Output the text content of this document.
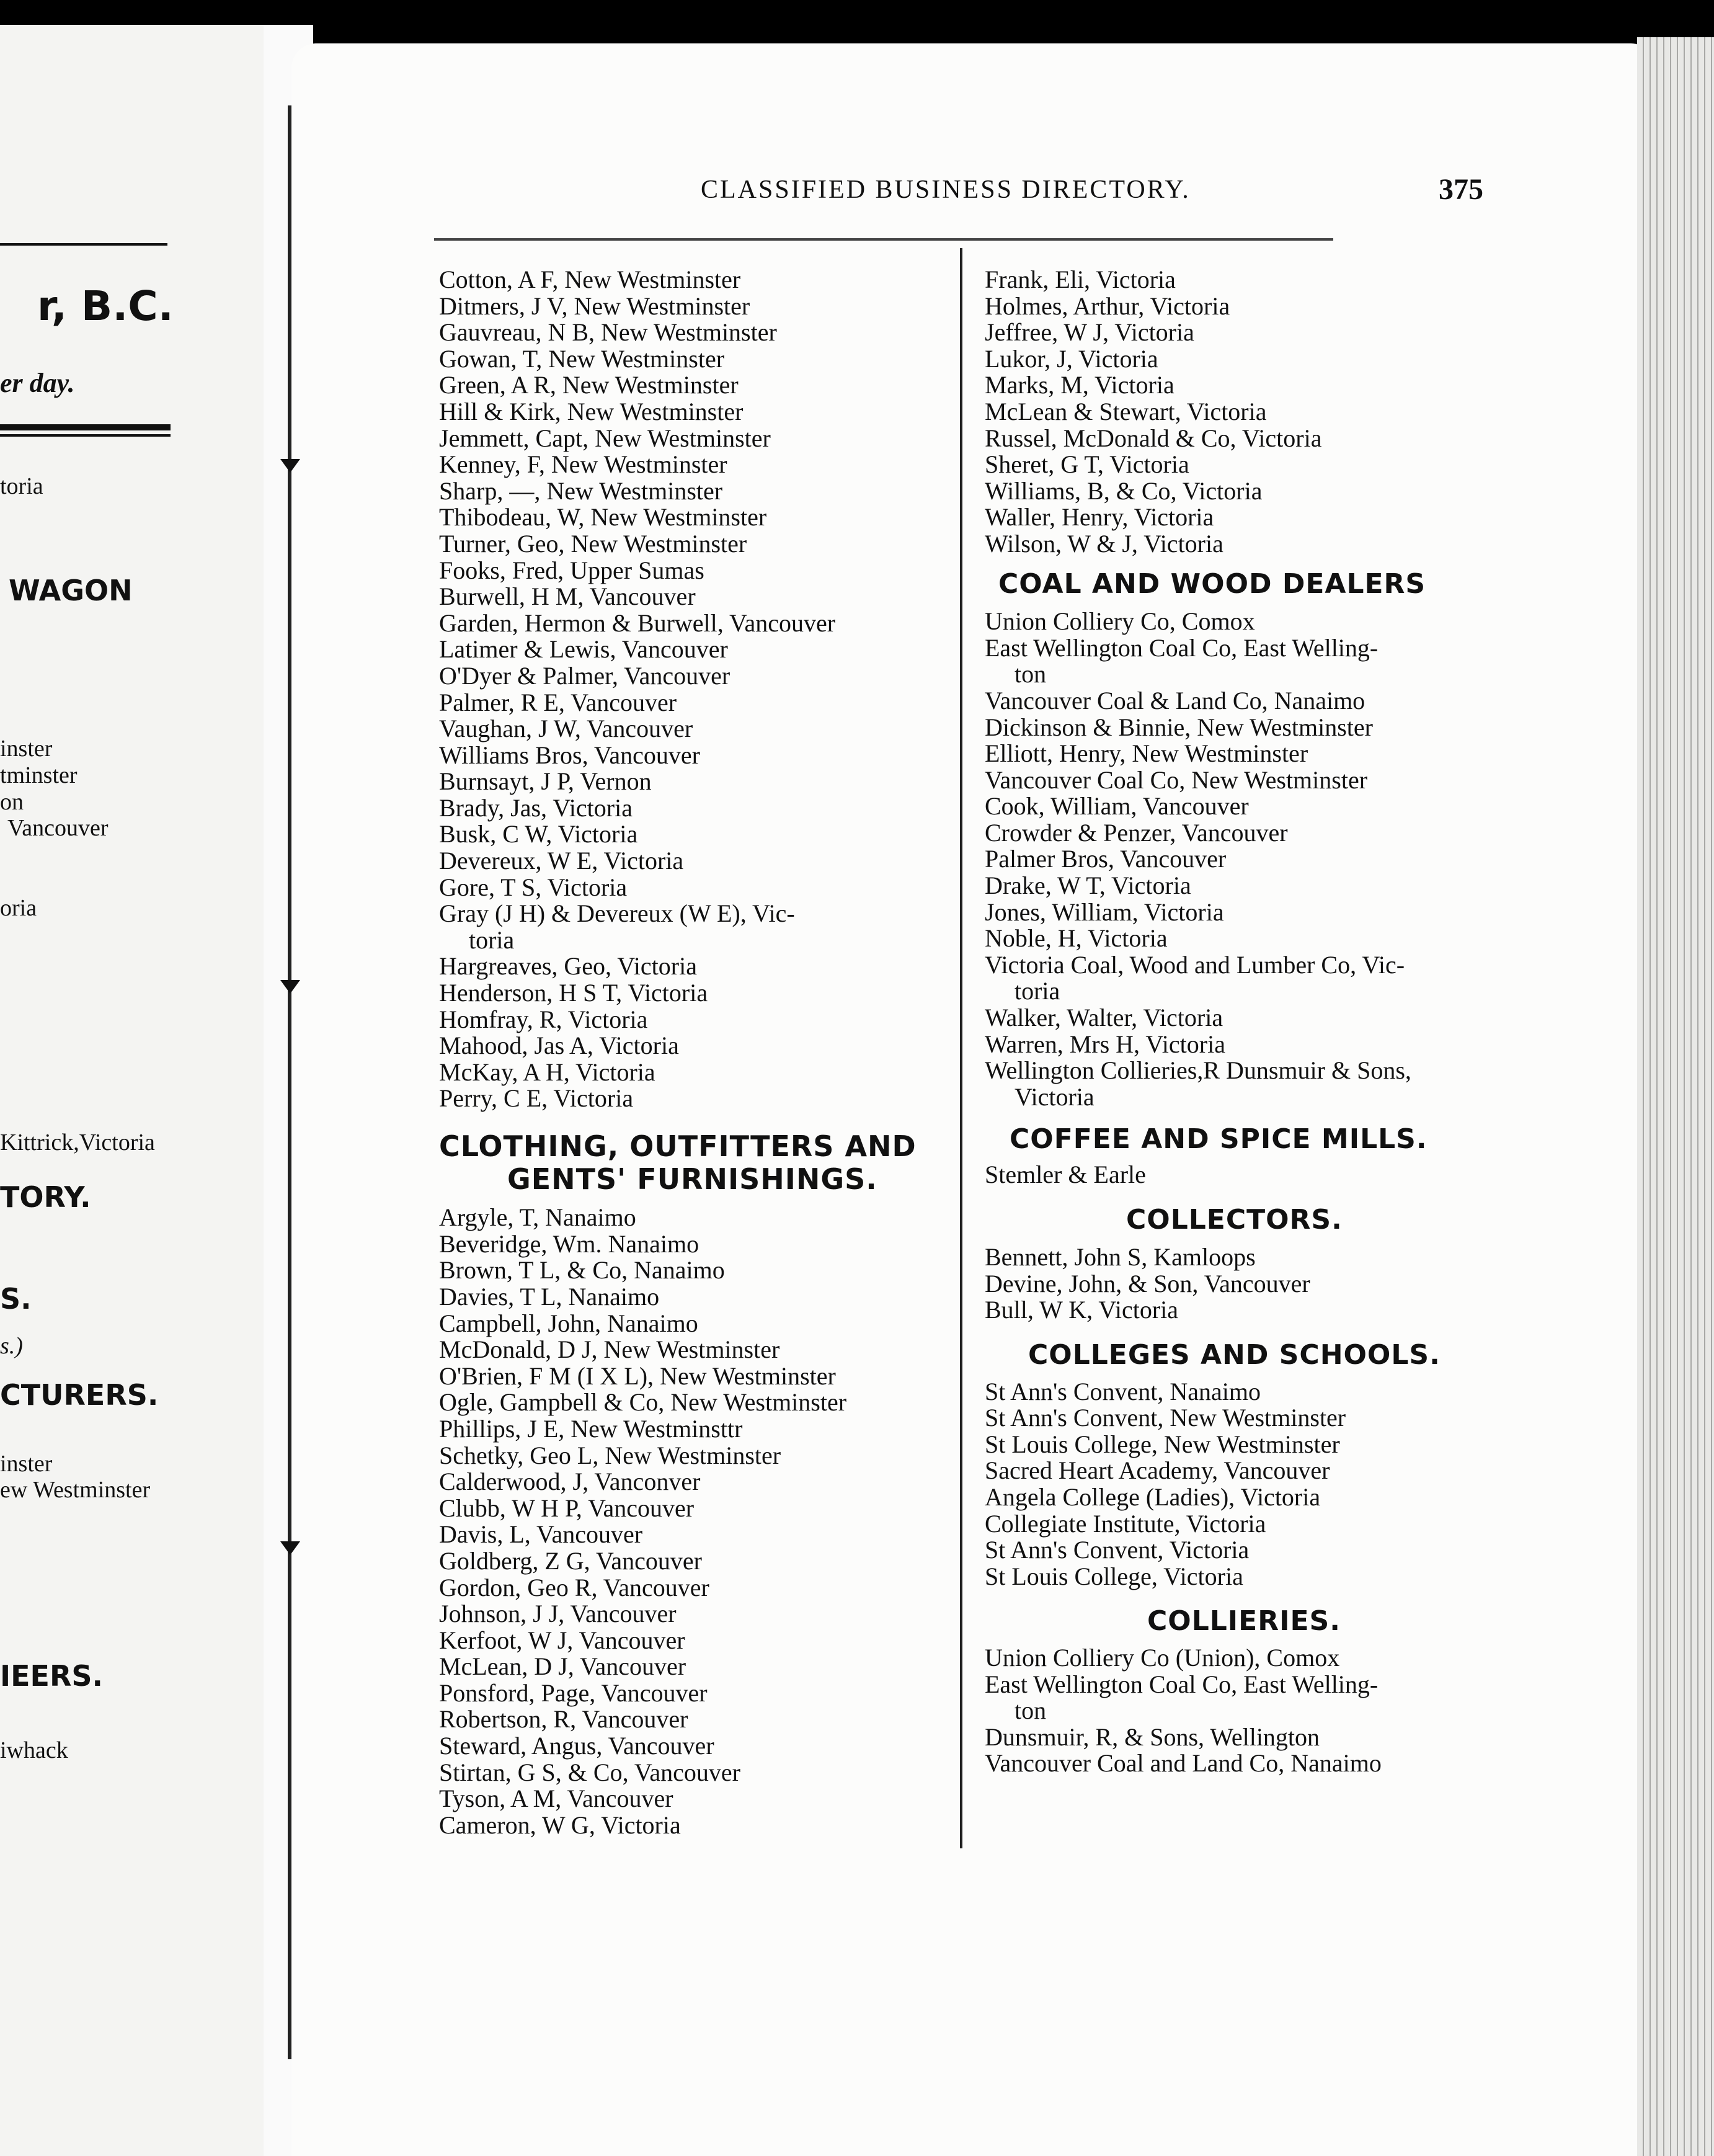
r, B.C.
er day.
toria
WAGON
inster
tminster
on
Vancouver
oria
Kittrick,Victoria
TORY.
S.
s.)
CTURERS.
inster
ew Westminster
IEERS.
iwhack
CLASSIFIED BUSINESS DIRECTORY.	375
Cotton, A F, New Westminster
Ditmers, J V, New Westminster
Gauvreau, N B, New Westminster
Gowan, T, New Westminster
Green, A R, New Westminster
Hill & Kirk, New Westminster
Jemmett, Capt, New Westminster
Kenney, F, New Westminster
Sharp, —, New Westminster
Thibodeau, W, New Westminster
Turner, Geo, New Westminster
Fooks, Fred, Upper Sumas
Burwell, H M, Vancouver
Garden, Hermon & Burwell, Vancouver
Latimer & Lewis, Vancouver
O'Dyer & Palmer, Vancouver
Palmer, R E, Vancouver
Vaughan, J W, Vancouver
Williams Bros, Vancouver
Burnsayt, J P, Vernon
Brady, Jas, Victoria
Busk, C W, Victoria
Devereux, W E, Victoria
Gore, T S, Victoria
Gray (J H) & Devereux (W E), Vic-
toria
Hargreaves, Geo, Victoria
Henderson, H S T, Victoria
Homfray, R, Victoria
Mahood, Jas A, Victoria
McKay, A H, Victoria
Perry, C E, Victoria
CLOTHING, OUTFITTERS AND
GENTS' FURNISHINGS.
Argyle, T, Nanaimo
Beveridge, Wm. Nanaimo
Brown, T L, & Co, Nanaimo
Davies, T L, Nanaimo
Campbell, John, Nanaimo
McDonald, D J, New Westminster
O'Brien, F M (I X L), New Westminster
Ogle, Gampbell & Co, New Westminster
Phillips, J E, New Westminsttr
Schetky, Geo L, New Westminster
Calderwood, J, Vanconver
Clubb, W H P, Vancouver
Davis, L, Vancouver
Goldberg, Z G, Vancouver
Gordon, Geo R, Vancouver
Johnson, J J, Vancouver
Kerfoot, W J, Vancouver
McLean, D J, Vancouver
Ponsford, Page, Vancouver
Robertson, R, Vancouver
Steward, Angus, Vancouver
Stirtan, G S, & Co, Vancouver
Tyson, A M, Vancouver
Cameron, W G, Victoria
Frank, Eli, Victoria
Holmes, Arthur, Victoria
Jeffree, W J, Victoria
Lukor, J, Victoria
Marks, M, Victoria
McLean & Stewart, Victoria
Russel, McDonald & Co, Victoria
Sheret, G T, Victoria
Williams, B, & Co, Victoria
Waller, Henry, Victoria
Wilson, W & J, Victoria
COAL AND WOOD DEALERS
Union Colliery Co, Comox
East Wellington Coal Co, East Welling-
ton
Vancouver Coal & Land Co, Nanaimo
Dickinson & Binnie, New Westminster
Elliott, Henry, New Westminster
Vancouver Coal Co, New Westminster
Cook, William, Vancouver
Crowder & Penzer, Vancouver
Palmer Bros, Vancouver
Drake, W T, Victoria
Jones, William, Victoria
Noble, H, Victoria
Victoria Coal, Wood and Lumber Co, Vic-
toria
Walker, Walter, Victoria
Warren, Mrs H, Victoria
Wellington Collieries,R Dunsmuir & Sons,
Victoria
COFFEE AND SPICE MILLS.
Stemler & Earle
COLLECTORS.
Bennett, John S, Kamloops
Devine, John, & Son, Vancouver
Bull, W K, Victoria
COLLEGES AND SCHOOLS.
St Ann's Convent, Nanaimo
St Ann's Convent, New Westminster
St Louis College, New Westminster
Sacred Heart Academy, Vancouver
Angela College (Ladies), Victoria
Collegiate Institute, Victoria
St Ann's Convent, Victoria
St Louis College, Victoria
COLLIERIES.
Union Colliery Co (Union), Comox
East Wellington Coal Co, East Welling-
ton
Dunsmuir, R, & Sons, Wellington
Vancouver Coal and Land Co, Nanaimo
